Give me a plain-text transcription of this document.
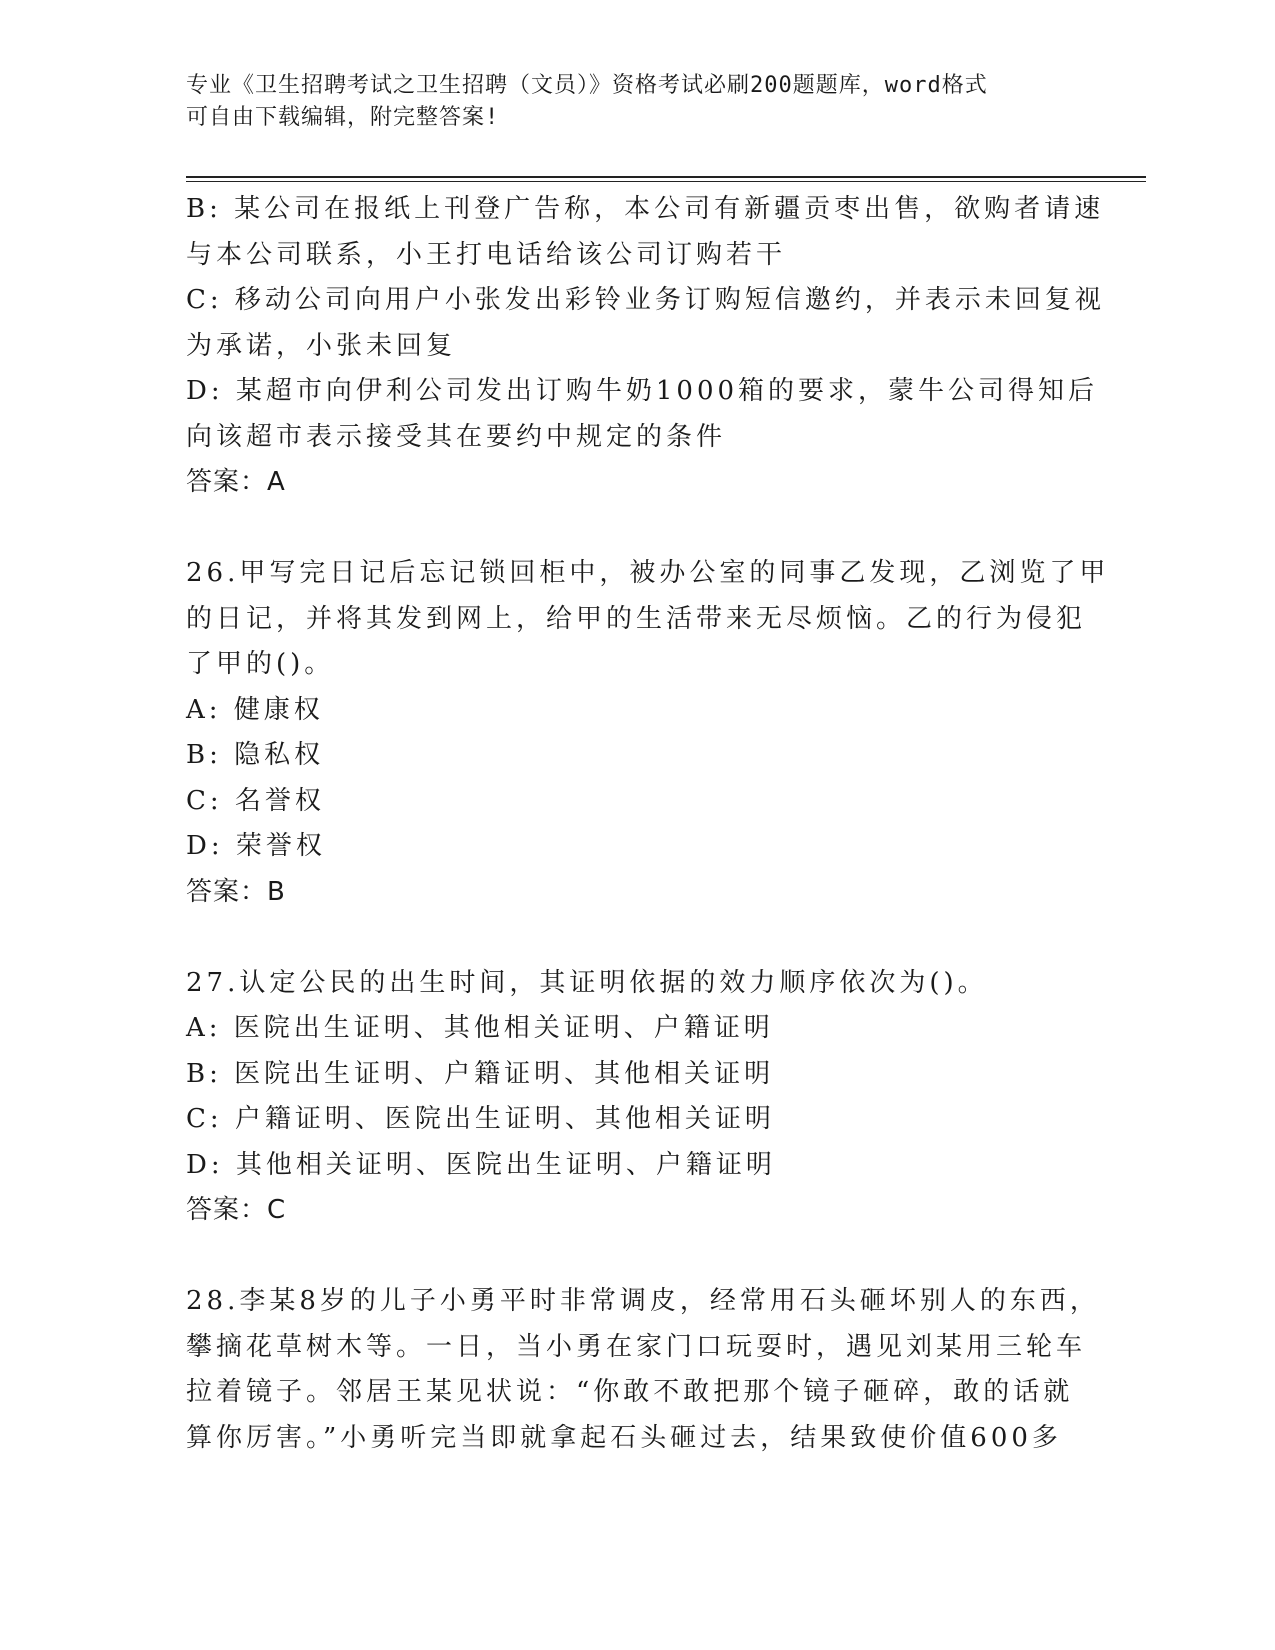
专业《卫生招聘考试之卫生招聘（文员）》资格考试必刷200题题库，word格式
可自由下载编辑，附完整答案!
B: 某公司在报纸上刊登广告称，本公司有新疆贡枣出售，欲购者请速
与本公司联系，小王打电话给该公司订购若干
C: 移动公司向用户小张发出彩铃业务订购短信邀约，并表示未回复视
为承诺，小张未回复
D: 某超市向伊利公司发出订购牛奶1000箱的要求，蒙牛公司得知后
向该超市表示接受其在要约中规定的条件
答案：A
26.甲写完日记后忘记锁回柜中，被办公室的同事乙发现，乙浏览了甲
的日记，并将其发到网上，给甲的生活带来无尽烦恼。乙的行为侵犯
了甲的()。
A: 健康权
B: 隐私权
C: 名誉权
D: 荣誉权
答案：B
27.认定公民的出生时间，其证明依据的效力顺序依次为()。
A: 医院出生证明、其他相关证明、户籍证明
B: 医院出生证明、户籍证明、其他相关证明
C: 户籍证明、医院出生证明、其他相关证明
D: 其他相关证明、医院出生证明、户籍证明
答案：C
28.李某8岁的儿子小勇平时非常调皮，经常用石头砸坏别人的东西，
攀摘花草树木等。一日，当小勇在家门口玩耍时，遇见刘某用三轮车
拉着镜子。邻居王某见状说：“你敢不敢把那个镜子砸碎，敢的话就
算你厉害。”小勇听完当即就拿起石头砸过去，结果致使价值600多
